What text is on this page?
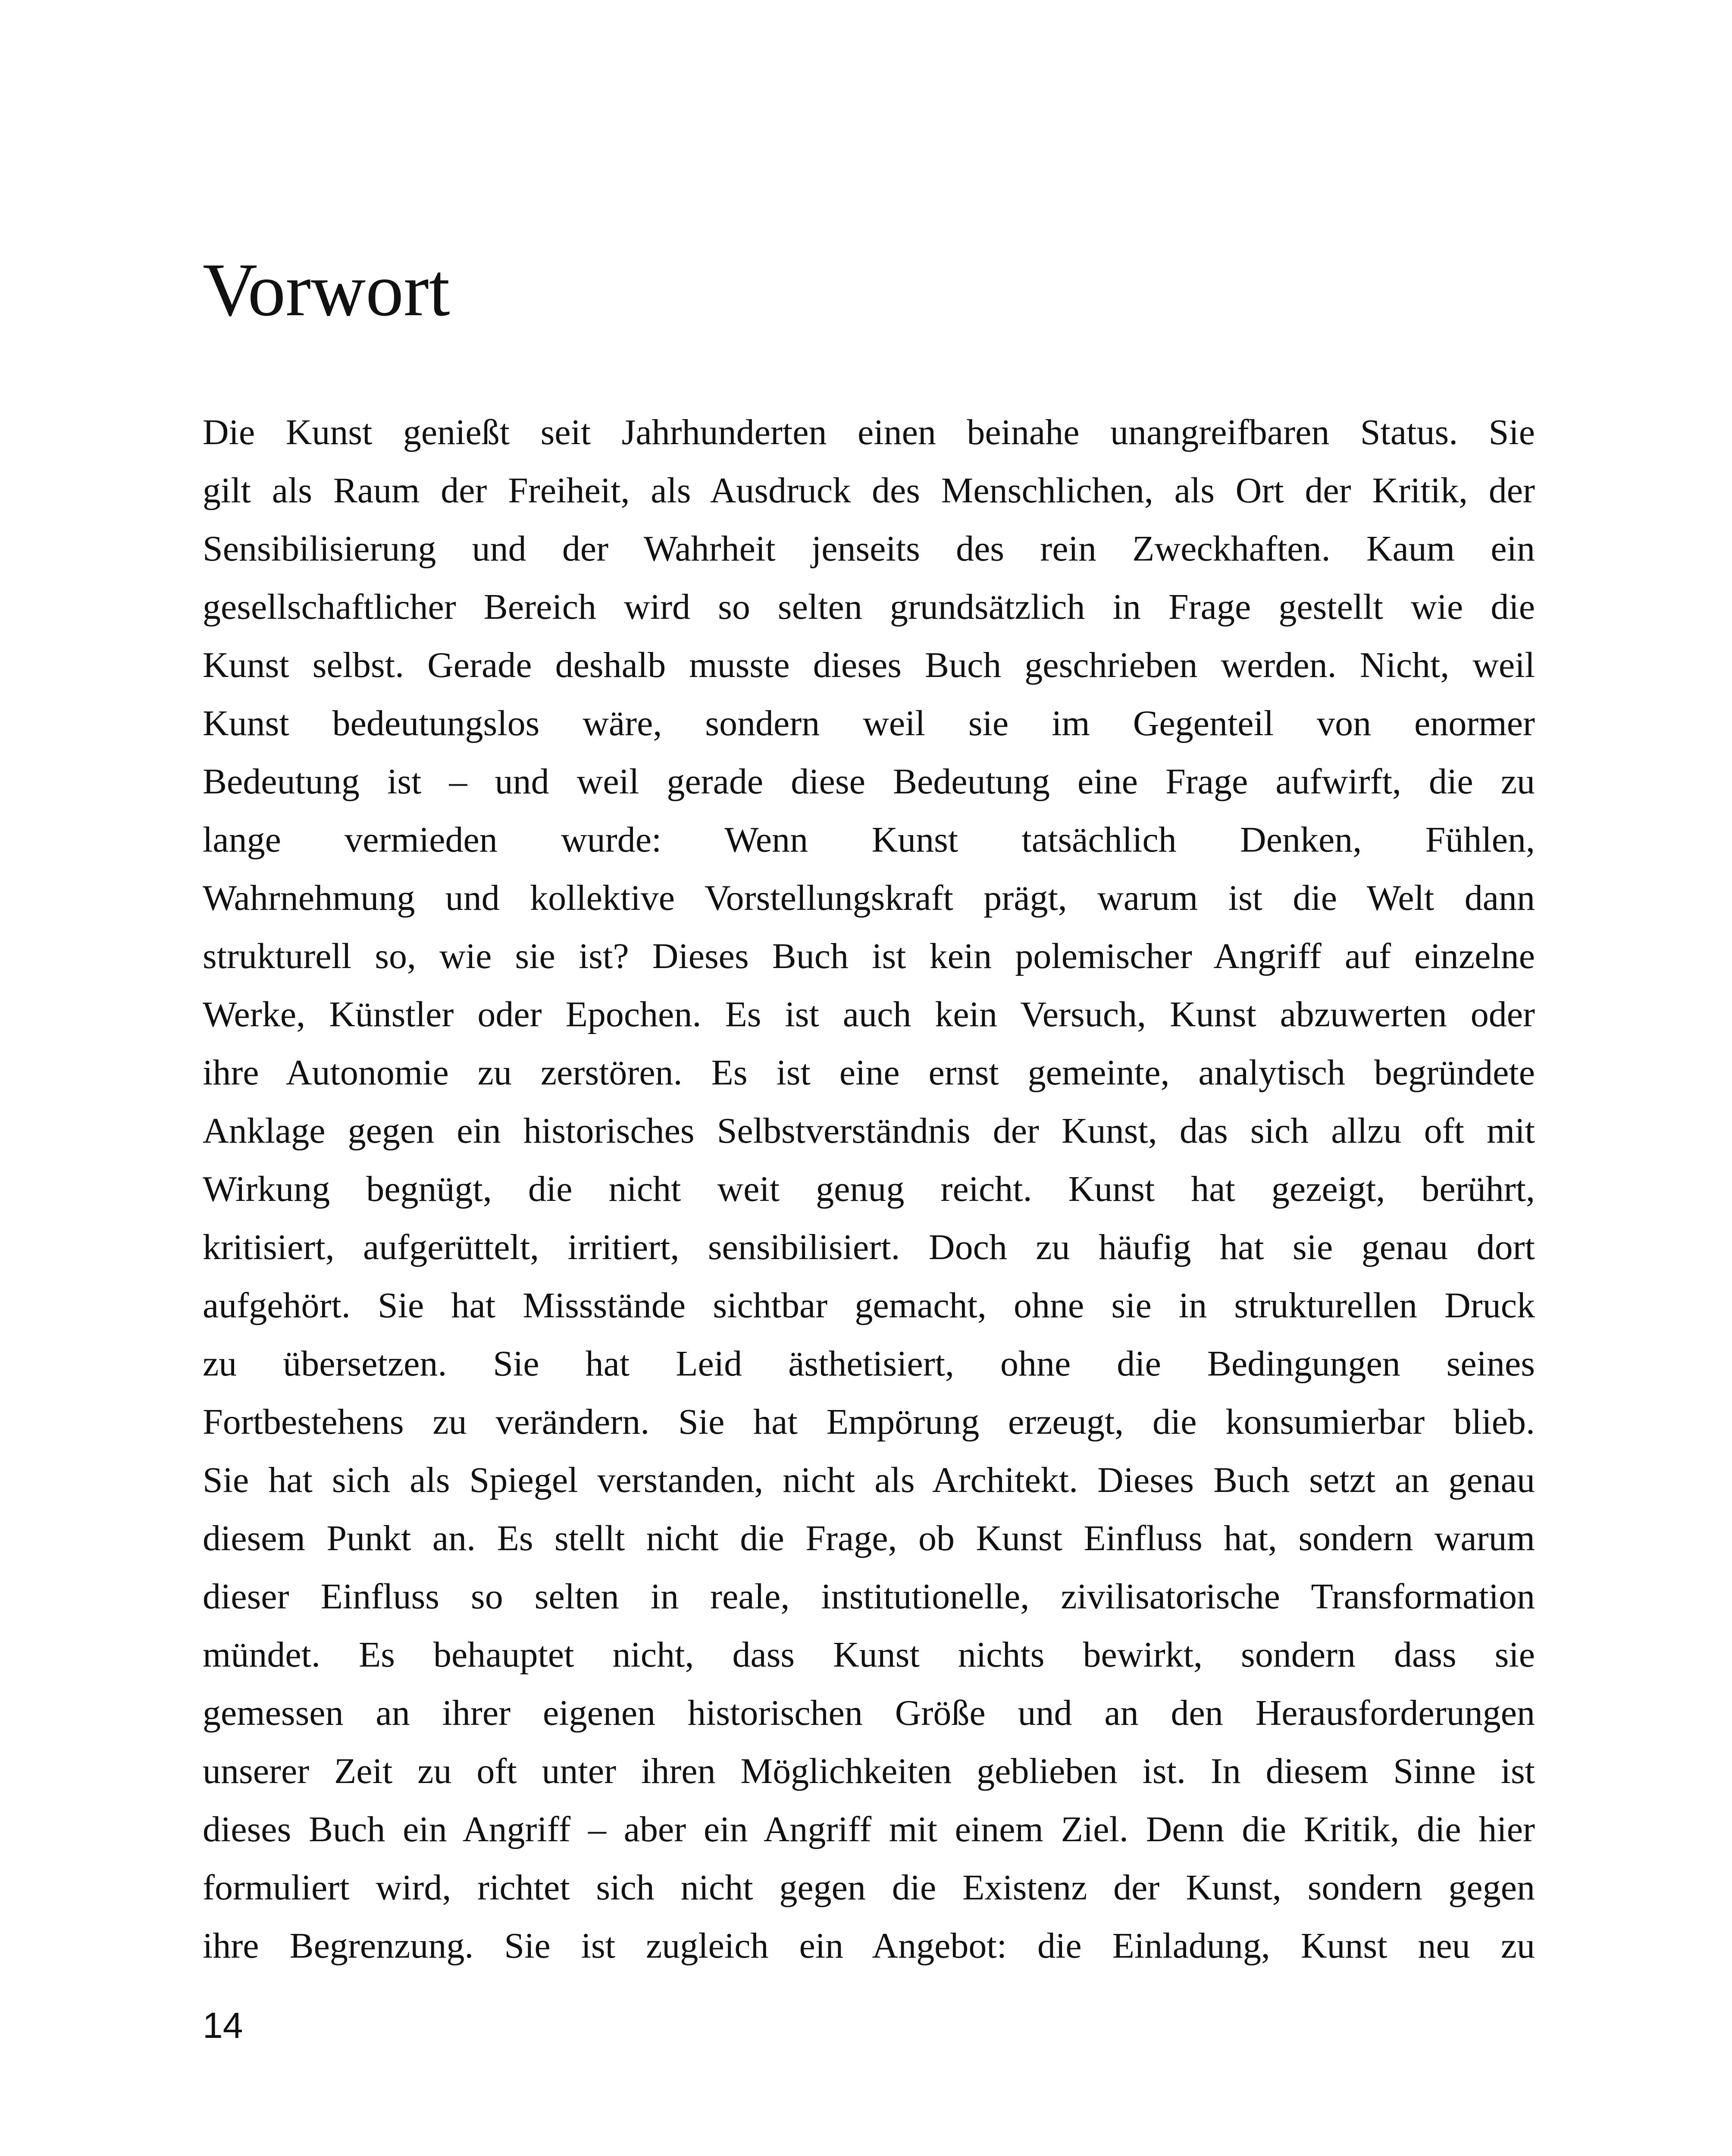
Vorwort
Die Kunst genießt seit Jahrhunderten einen beinahe unangreifbaren Status. Sie
gilt als Raum der Freiheit, als Ausdruck des Menschlichen, als Ort der Kritik, der
Sensibilisierung und der Wahrheit jenseits des rein Zweckhaften. Kaum ein
gesellschaftlicher Bereich wird so selten grundsätzlich in Frage gestellt wie die
Kunst selbst. Gerade deshalb musste dieses Buch geschrieben werden. Nicht, weil
Kunst bedeutungslos wäre, sondern weil sie im Gegenteil von enormer
Bedeutung ist – und weil gerade diese Bedeutung eine Frage aufwirft, die zu
lange vermieden wurde: Wenn Kunst tatsächlich Denken, Fühlen,
Wahrnehmung und kollektive Vorstellungskraft prägt, warum ist die Welt dann
strukturell so, wie sie ist? Dieses Buch ist kein polemischer Angriff auf einzelne
Werke, Künstler oder Epochen. Es ist auch kein Versuch, Kunst abzuwerten oder
ihre Autonomie zu zerstören. Es ist eine ernst gemeinte, analytisch begründete
Anklage gegen ein historisches Selbstverständnis der Kunst, das sich allzu oft mit
Wirkung begnügt, die nicht weit genug reicht. Kunst hat gezeigt, berührt,
kritisiert, aufgerüttelt, irritiert, sensibilisiert. Doch zu häufig hat sie genau dort
aufgehört. Sie hat Missstände sichtbar gemacht, ohne sie in strukturellen Druck
zu übersetzen. Sie hat Leid ästhetisiert, ohne die Bedingungen seines
Fortbestehens zu verändern. Sie hat Empörung erzeugt, die konsumierbar blieb.
Sie hat sich als Spiegel verstanden, nicht als Architekt. Dieses Buch setzt an genau
diesem Punkt an. Es stellt nicht die Frage, ob Kunst Einfluss hat, sondern warum
dieser Einfluss so selten in reale, institutionelle, zivilisatorische Transformation
mündet. Es behauptet nicht, dass Kunst nichts bewirkt, sondern dass sie
gemessen an ihrer eigenen historischen Größe und an den Herausforderungen
unserer Zeit zu oft unter ihren Möglichkeiten geblieben ist. In diesem Sinne ist
dieses Buch ein Angriff – aber ein Angriff mit einem Ziel. Denn die Kritik, die hier
formuliert wird, richtet sich nicht gegen die Existenz der Kunst, sondern gegen
ihre Begrenzung. Sie ist zugleich ein Angebot: die Einladung, Kunst neu zu
14
